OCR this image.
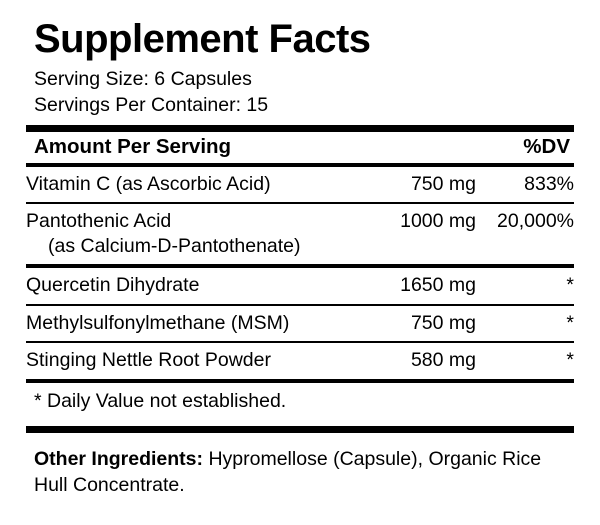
Supplement Facts
Serving Size: 6 Capsules
Servings Per Container: 15
Amount Per Serving	%DV
Vitamin C (as Ascorbic Acid)	750 mg	833%
Pantothenic Acid
(as Calcium-D-Pantothenate)	1000 mg	20,000%
Quercetin Dihydrate	1650 mg	*
Methylsulfonylmethane (MSM)	750 mg	*
Stinging Nettle Root Powder	580 mg	*
* Daily Value not established.
Other Ingredients: Hypromellose (Capsule), Organic Rice Hull Concentrate.
